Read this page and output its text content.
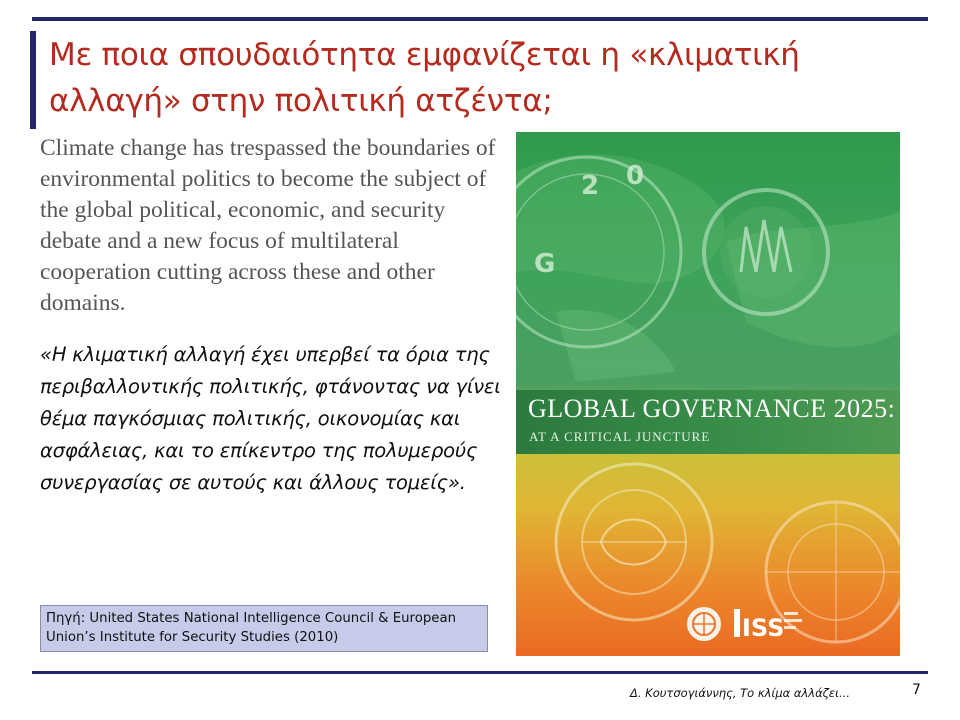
Με ποια σπουδαιότητα εμφανίζεται η «κλιματική αλλαγή» στην πολιτική ατζέντα;

Climate change has trespassed the boundaries of environmental politics to become the subject of the global political, economic, and security debate and a new focus of multilateral cooperation cutting across these and other domains.

«Η κλιματική αλλαγή έχει υπερβεί τα όρια της περιβαλλοντικής πολιτικής, φτάνοντας να γίνει θέμα παγκόσμιας πολιτικής, οικονομίας και ασφάλειας, και το επίκεντρο της πολυμερούς συνεργασίας σε αυτούς και άλλους τομείς».

Πηγή: United States National Intelligence Council & European Union’s Institute for Security Studies (2010)
2 0
G
ISS
GLOBAL GOVERNANCE 2025:
AT A CRITICAL JUNCTURE
Δ. Κουτσογιάννης, Το κλίμα αλλάζει...	7
